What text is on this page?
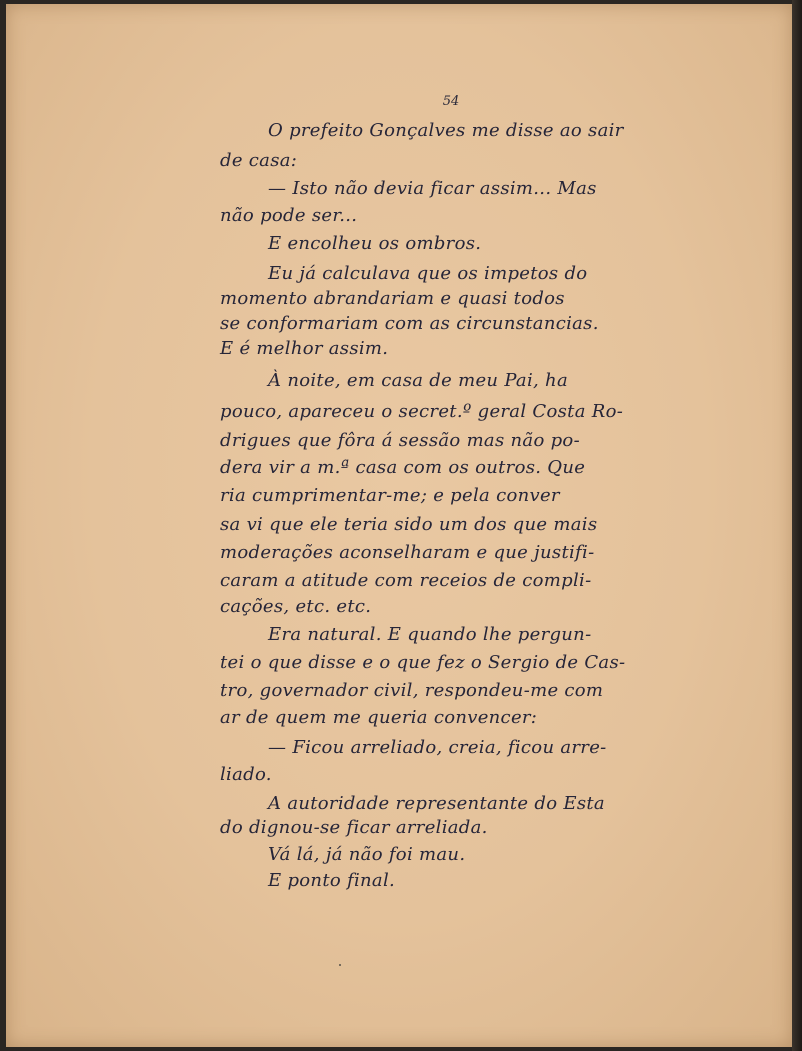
54
O prefeito Gonçalves me disse ao sair
de casa:
— Isto não devia ficar assim... Mas
não pode ser...
E encolheu os ombros.
Eu já calculava que os impetos do
momento abrandariam e quasi todos
se conformariam com as circunstancias.
E é melhor assim.
À noite, em casa de meu Pai, ha
pouco, apareceu o secret.º geral Costa Ro-
drigues que fôra á sessão mas não po-
dera vir a m.ª casa com os outros. Que
ria cumprimentar-me; e pela conver
sa vi que ele teria sido um dos que mais
moderações aconselharam e que justifi-
caram a atitude com receios de compli-
cações, etc. etc.
Era natural. E quando lhe pergun-
tei o que disse e o que fez o Sergio de Cas-
tro, governador civil, respondeu-me com
ar de quem me queria convencer:
— Ficou arreliado, creia, ficou arre-
liado.
A autoridade representante do Esta
do dignou-se ficar arreliada.
Vá lá, já não foi mau.
E ponto final.
